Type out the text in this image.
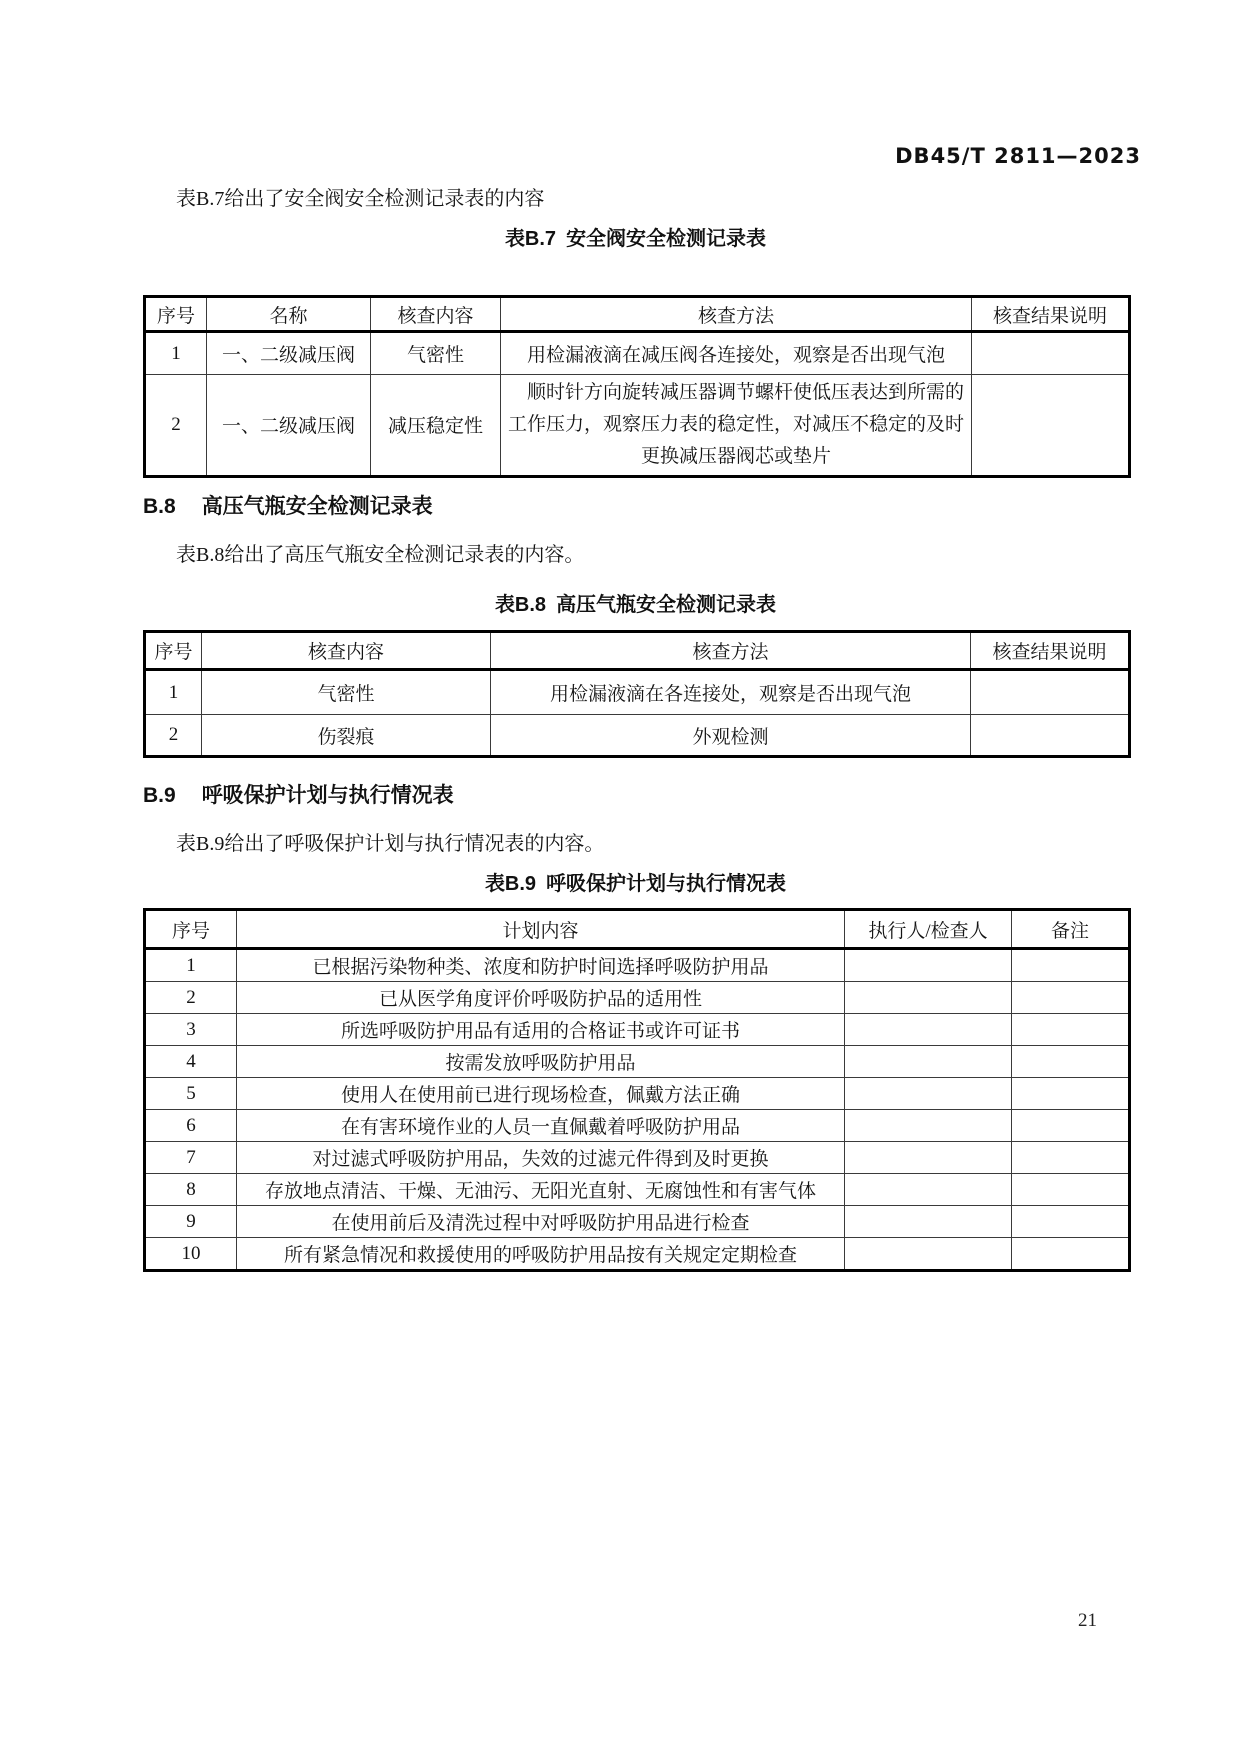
DB45/T 2811—2023
表B.7给出了安全阀安全检测记录表的内容
表B.7 安全阀安全检测记录表
序号	名称	核查内容	核查方法	核查结果说明
1	一、二级减压阀	气密性	用检漏液滴在减压阀各连接处，观察是否出现气泡	
2	一、二级减压阀	减压稳定性	顺时针方向旋转减压器调节螺杆使低压表达到所需的工作压力，观察压力表的稳定性，对减压不稳定的及时更换减压器阀芯或垫片	

B.8 高压气瓶安全检测记录表
表B.8给出了高压气瓶安全检测记录表的内容。
表B.8 高压气瓶安全检测记录表
序号	核查内容	核查方法	核查结果说明
1	气密性	用检漏液滴在各连接处，观察是否出现气泡	
2	伤裂痕	外观检测	
B.9 呼吸保护计划与执行情况表
表B.9给出了呼吸保护计划与执行情况表的内容。
表B.9 呼吸保护计划与执行情况表
序号	计划内容	执行人/检查人	备注
1	已根据污染物种类、浓度和防护时间选择呼吸防护用品		
2	已从医学角度评价呼吸防护品的适用性		
3	所选呼吸防护用品有适用的合格证书或许可证书		
4	按需发放呼吸防护用品		
5	使用人在使用前已进行现场检查，佩戴方法正确		
6	在有害环境作业的人员一直佩戴着呼吸防护用品		
7	对过滤式呼吸防护用品，失效的过滤元件得到及时更换		
8	存放地点清洁、干燥、无油污、无阳光直射、无腐蚀性和有害气体		
9	在使用前后及清洗过程中对呼吸防护用品进行检查		
10	所有紧急情况和救援使用的呼吸防护用品按有关规定定期检查		
21
